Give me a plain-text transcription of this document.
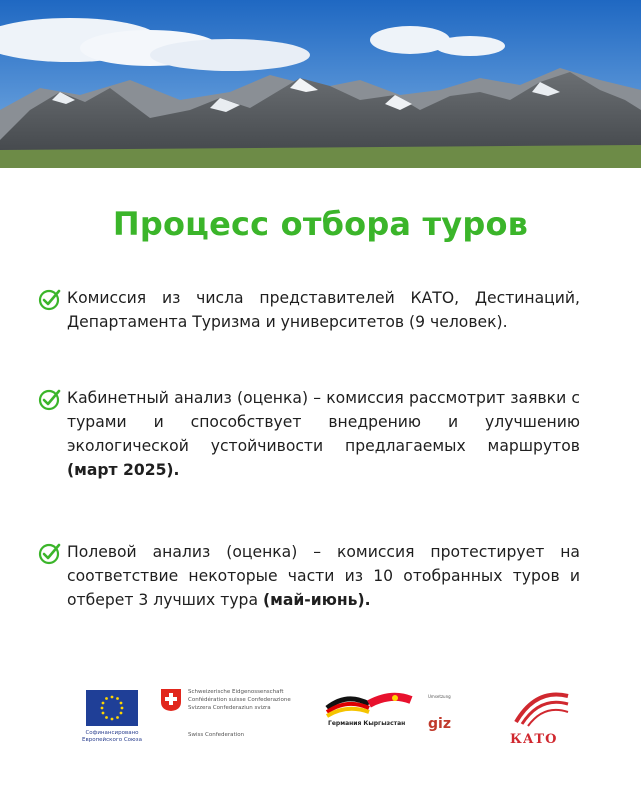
Процесс отбора туров
Комиссия из числа представителей КАТО, Дестинаций, Департамента Туризма и университетов (9 человек).
Кабинетный анализ (оценка) – комиссия рассмотрит заявки с турами и способствует внедрению и улучшению экологической устойчивости предлагаемых маршрутов (март 2025).
Полевой анализ (оценка) – комиссия протестирует на соответствие некоторые части из 10 отобранных туров и отберет 3 лучших тура (май-июнь).
Софинансировано Европейского Союза
Schweizerische Eidgenossenschaft Confédération suisse Confederazione Svizzera Confederaziun svizra
Swiss Confederation
Германия Кыргызстан
Umsetzung
giz
КАТО
